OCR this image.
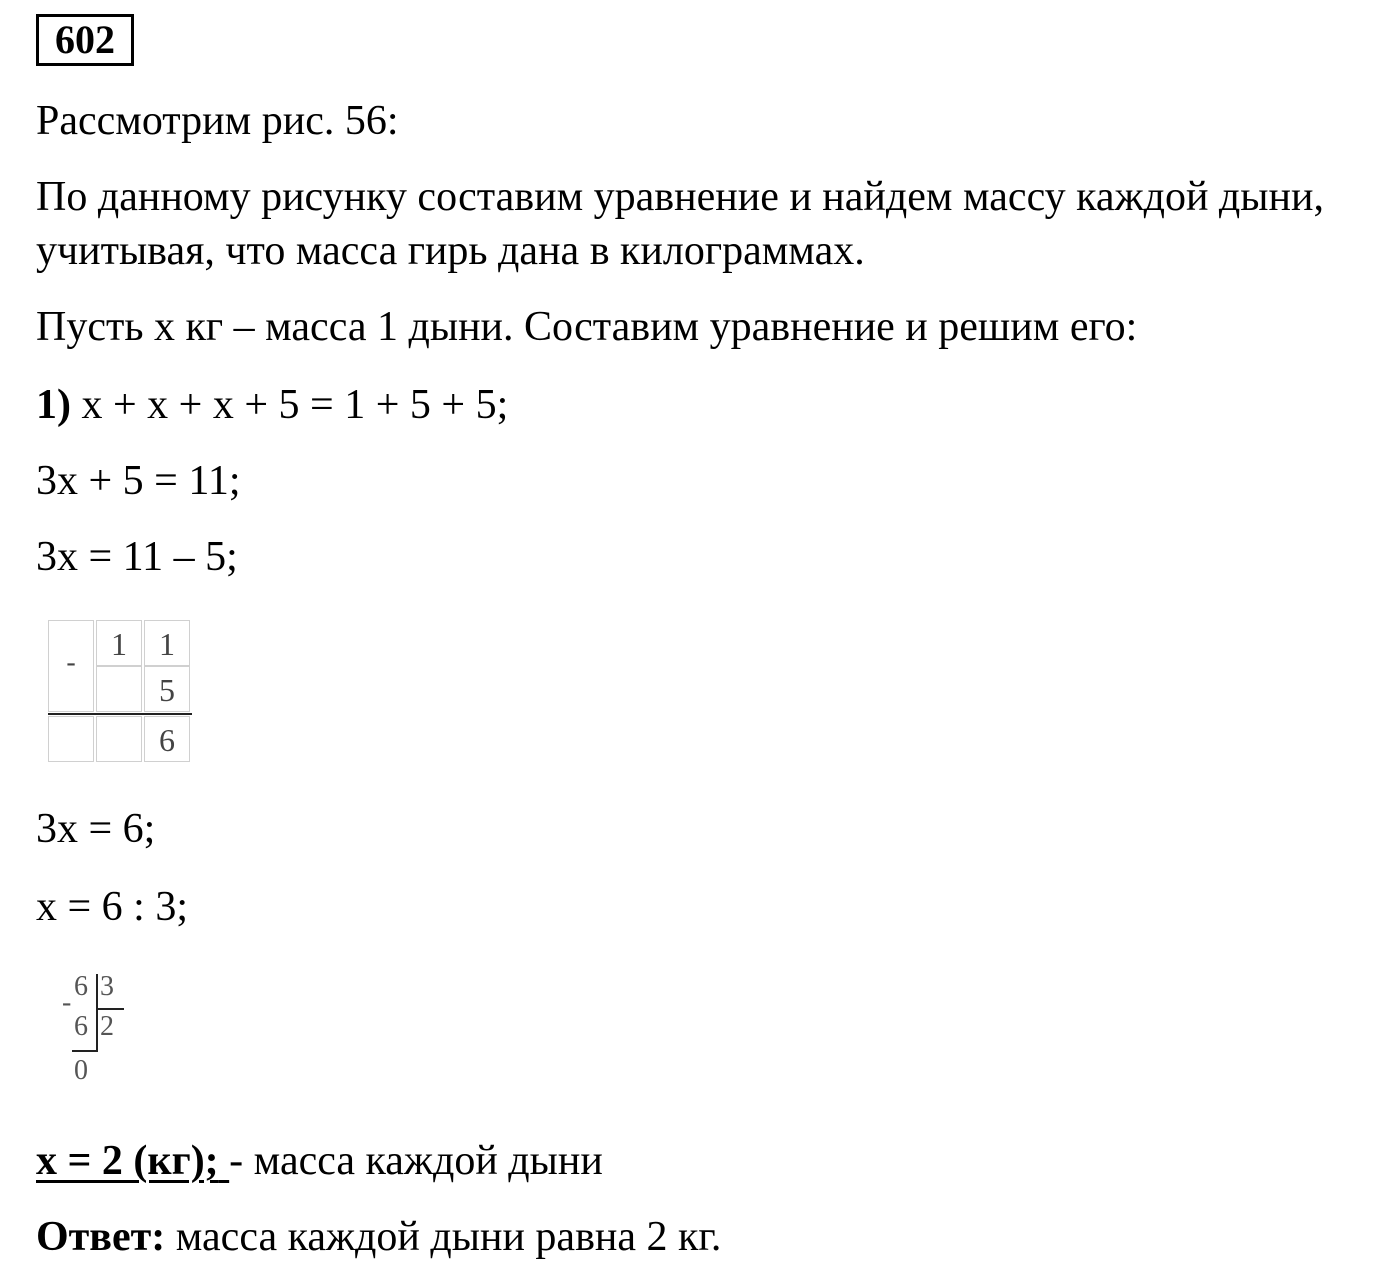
602
Рассмотрим рис. 56:
По данному рисунку составим уравнение и найдем массу каждой дыни,
учитывая, что масса гирь дана в килограммах.
Пусть х кг – масса 1 дыни. Составим уравнение и решим его:
1) х + х + х + 5 = 1 + 5 + 5;
3х + 5 = 11;
3х = 11 – 5;
-
1	1
5
6
3х = 6;
х = 6 : 3;
-
6 3
6 2
0
х = 2 (кг); - масса каждой дыни
Ответ: масса каждой дыни равна 2 кг.
